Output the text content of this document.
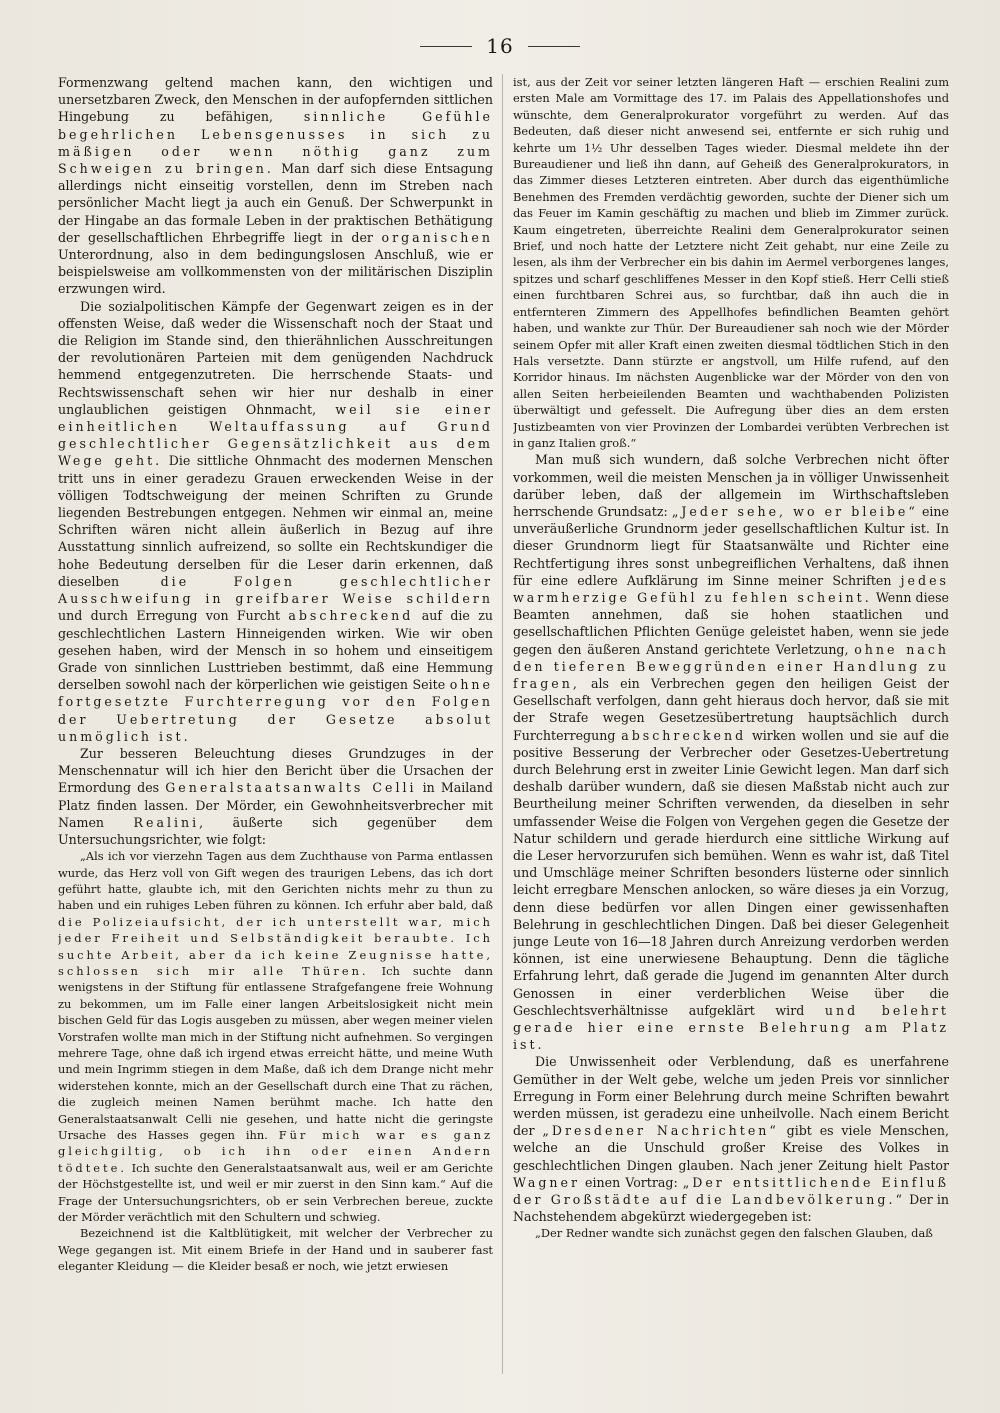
16

Formenzwang geltend machen kann, den wichtigen und unersetzbaren Zweck, den Menschen in der aufopfernden sittlichen Hingebung zu befähigen, sinnliche Gefühle begehrlichen Lebensgenusses in sich zu mäßigen oder wenn nöthig ganz zum Schweigen zu bringen. Man darf sich diese Entsagung allerdings nicht einseitig vorstellen, denn im Streben nach persönlicher Macht liegt ja auch ein Genuß. Der Schwerpunkt in der Hingabe an das formale Leben in der praktischen Bethätigung der gesellschaftlichen Ehrbegriffe liegt in der organischen Unterordnung, also in dem bedingungslosen Anschluß, wie er beispielsweise am vollkommensten von der militärischen Disziplin erzwungen wird.

Die sozialpolitischen Kämpfe der Gegenwart zeigen es in der offensten Weise, daß weder die Wissenschaft noch der Staat und die Religion im Stande sind, den thierähnlichen Ausschreitungen der revolutionären Parteien mit dem genügenden Nachdruck hemmend entgegenzutreten. Die herrschende Staats- und Rechtswissenschaft sehen wir hier nur deshalb in einer unglaublichen geistigen Ohnmacht, weil sie einer einheitlichen Weltauffassung auf Grund geschlechtlicher Gegensätzlichkeit aus dem Wege geht. Die sittliche Ohnmacht des modernen Menschen tritt uns in einer geradezu Grauen erweckenden Weise in der völligen Todtschweigung der meinen Schriften zu Grunde liegenden Bestrebungen entgegen. Nehmen wir einmal an, meine Schriften wären nicht allein äußerlich in Bezug auf ihre Ausstattung sinnlich aufreizend, so sollte ein Rechtskundiger die hohe Bedeutung derselben für die Leser darin erkennen, daß dieselben die Folgen geschlechtlicher Ausschweifung in greifbarer Weise schildern und durch Erregung von Furcht abschreckend auf die zu geschlechtlichen Lastern Hinneigenden wirken. Wie wir oben gesehen haben, wird der Mensch in so hohem und einseitigem Grade von sinnlichen Lusttrieben bestimmt, daß eine Hemmung derselben sowohl nach der körperlichen wie geistigen Seite ohne fortgesetzte Furchterregung vor den Folgen der Uebertretung der Gesetze absolut unmöglich ist.

Zur besseren Beleuchtung dieses Grundzuges in der Menschennatur will ich hier den Bericht über die Ursachen der Ermordung des Generalstaatsanwalts Celli in Mailand Platz finden lassen. Der Mörder, ein Gewohnheitsverbrecher mit Namen Realini, äußerte sich gegenüber dem Untersuchungsrichter, wie folgt:

„Als ich vor vierzehn Tagen aus dem Zuchthause von Parma entlassen wurde, das Herz voll von Gift wegen des traurigen Lebens, das ich dort geführt hatte, glaubte ich, mit den Gerichten nichts mehr zu thun zu haben und ein ruhiges Leben führen zu können. Ich erfuhr aber bald, daß die Polizeiaufsicht, der ich unterstellt war, mich jeder Freiheit und Selbständigkeit beraubte. Ich suchte Arbeit, aber da ich keine Zeugnisse hatte, schlossen sich mir alle Thüren. Ich suchte dann wenigstens in der Stiftung für entlassene Strafgefangene freie Wohnung zu bekommen, um im Falle einer langen Arbeitslosigkeit nicht mein bischen Geld für das Logis ausgeben zu müssen, aber wegen meiner vielen Vorstrafen wollte man mich in der Stiftung nicht aufnehmen. So vergingen mehrere Tage, ohne daß ich irgend etwas erreicht hätte, und meine Wuth und mein Ingrimm stiegen in dem Maße, daß ich dem Drange nicht mehr widerstehen konnte, mich an der Gesellschaft durch eine That zu rächen, die zugleich meinen Namen berühmt mache. Ich hatte den Generalstaatsanwalt Celli nie gesehen, und hatte nicht die geringste Ursache des Hasses gegen ihn. Für mich war es ganz gleichgiltig, ob ich ihn oder einen Andern tödtete. Ich suchte den Generalstaatsanwalt aus, weil er am Gerichte der Höchstgestellte ist, und weil er mir zuerst in den Sinn kam.“ Auf die Frage der Untersuchungsrichters, ob er sein Verbrechen bereue, zuckte der Mörder verächtlich mit den Schultern und schwieg.

Bezeichnend ist die Kaltblütigkeit, mit welcher der Verbrecher zu Wege gegangen ist. Mit einem Briefe in der Hand und in sauberer fast eleganter Kleidung — die Kleider besaß er noch, wie jetzt erwiesen

ist, aus der Zeit vor seiner letzten längeren Haft — erschien Realini zum ersten Male am Vormittage des 17. im Palais des Appellationshofes und wünschte, dem Generalprokurator vorgeführt zu werden. Auf das Bedeuten, daß dieser nicht anwesend sei, entfernte er sich ruhig und kehrte um 1½ Uhr desselben Tages wieder. Diesmal meldete ihn der Bureaudiener und ließ ihn dann, auf Geheiß des Generalprokurators, in das Zimmer dieses Letzteren eintreten. Aber durch das eigenthümliche Benehmen des Fremden verdächtig geworden, suchte der Diener sich um das Feuer im Kamin geschäftig zu machen und blieb im Zimmer zurück. Kaum eingetreten, überreichte Realini dem Generalprokurator seinen Brief, und noch hatte der Letztere nicht Zeit gehabt, nur eine Zeile zu lesen, als ihm der Verbrecher ein bis dahin im Aermel verborgenes langes, spitzes und scharf geschliffenes Messer in den Kopf stieß. Herr Celli stieß einen furchtbaren Schrei aus, so furchtbar, daß ihn auch die in entfernteren Zimmern des Appellhofes befindlichen Beamten gehört haben, und wankte zur Thür. Der Bureaudiener sah noch wie der Mörder seinem Opfer mit aller Kraft einen zweiten diesmal tödtlichen Stich in den Hals versetzte. Dann stürzte er angstvoll, um Hilfe rufend, auf den Korridor hinaus. Im nächsten Augenblicke war der Mörder von den von allen Seiten herbeieilenden Beamten und wachthabenden Polizisten überwältigt und gefesselt. Die Aufregung über dies an dem ersten Justizbeamten von vier Provinzen der Lombardei verübten Verbrechen ist in ganz Italien groß.“

Man muß sich wundern, daß solche Verbrechen nicht öfter vorkommen, weil die meisten Menschen ja in völliger Unwissenheit darüber leben, daß der allgemein im Wirthschaftsleben herrschende Grundsatz: „Jeder sehe, wo er bleibe“ eine unveräußerliche Grundnorm jeder gesellschaftlichen Kultur ist. In dieser Grundnorm liegt für Staatsanwälte und Richter eine Rechtfertigung ihres sonst unbegreiflichen Verhaltens, daß ihnen für eine edlere Aufklärung im Sinne meiner Schriften jedes warmherzige Gefühl zu fehlen scheint. Wenn diese Beamten annehmen, daß sie hohen staatlichen und gesellschaftlichen Pflichten Genüge geleistet haben, wenn sie jede gegen den äußeren Anstand gerichtete Verletzung, ohne nach den tieferen Beweggründen einer Handlung zu fragen, als ein Verbrechen gegen den heiligen Geist der Gesellschaft verfolgen, dann geht hieraus doch hervor, daß sie mit der Strafe wegen Gesetzesübertretung hauptsächlich durch Furchterregung abschreckend wirken wollen und sie auf die positive Besserung der Verbrecher oder Gesetzes-Uebertretung durch Belehrung erst in zweiter Linie Gewicht legen. Man darf sich deshalb darüber wundern, daß sie diesen Maßstab nicht auch zur Beurtheilung meiner Schriften verwenden, da dieselben in sehr umfassender Weise die Folgen von Vergehen gegen die Gesetze der Natur schildern und gerade hierdurch eine sittliche Wirkung auf die Leser hervorzurufen sich bemühen. Wenn es wahr ist, daß Titel und Umschläge meiner Schriften besonders lüsterne oder sinnlich leicht erregbare Menschen anlocken, so wäre dieses ja ein Vorzug, denn diese bedürfen vor allen Dingen einer gewissenhaften Belehrung in geschlechtlichen Dingen. Daß bei dieser Gelegenheit junge Leute von 16—18 Jahren durch Anreizung verdorben werden können, ist eine unerwiesene Behauptung. Denn die tägliche Erfahrung lehrt, daß gerade die Jugend im genannten Alter durch Genossen in einer verderblichen Weise über die Geschlechtsverhältnisse aufgeklärt wird und belehrt gerade hier eine ernste Belehrung am Platz ist.

Die Unwissenheit oder Verblendung, daß es unerfahrene Gemüther in der Welt gebe, welche um jeden Preis vor sinnlicher Erregung in Form einer Belehrung durch meine Schriften bewahrt werden müssen, ist geradezu eine unheilvolle. Nach einem Bericht der „Dresdener Nachrichten“ gibt es viele Menschen, welche an die Unschuld großer Kreise des Volkes in geschlechtlichen Dingen glauben. Nach jener Zeitung hielt Pastor Wagner einen Vortrag: „Der entsittlichende Einfluß der Großstädte auf die Landbevölkerung.“ Der in Nachstehendem abgekürzt wiedergegeben ist:

„Der Redner wandte sich zunächst gegen den falschen Glauben, daß
